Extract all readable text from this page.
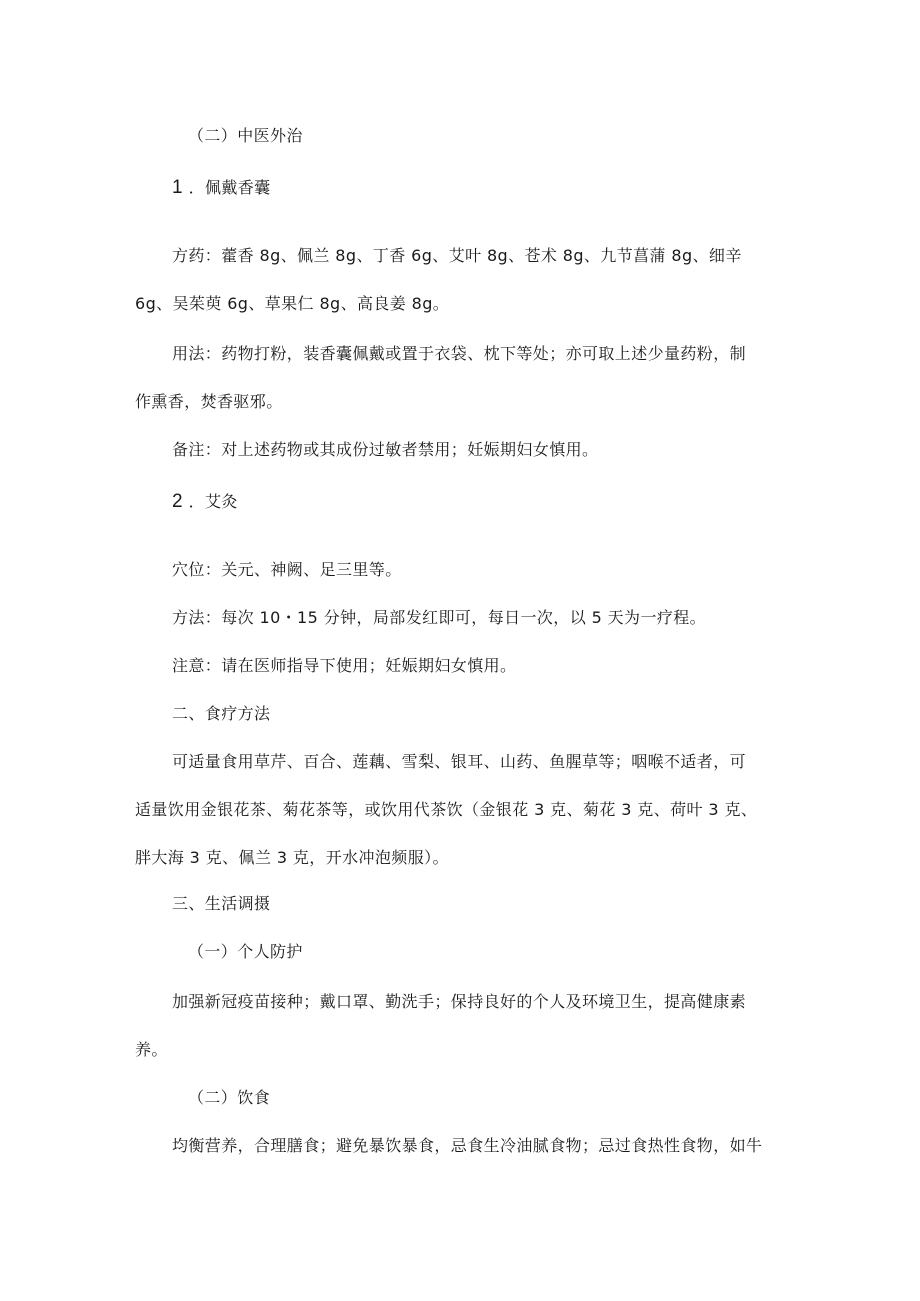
（二）中医外治
1 ．佩戴香囊
方药：藿香 8g、佩兰 8g、丁香 6g、艾叶 8g、苍术 8g、九节菖蒲 8g、细辛
6g、吴茱萸 6g、草果仁 8g、高良姜 8g。
用法：药物打粉，装香囊佩戴或置于衣袋、枕下等处；亦可取上述少量药粉，制
作熏香，焚香驱邪。
备注：对上述药物或其成份过敏者禁用；妊娠期妇女慎用。
2 ．艾灸
穴位：关元、神阙、足三里等。
方法：每次 10・15 分钟，局部发红即可，每日一次，以 5 天为一疗程。
注意：请在医师指导下使用；妊娠期妇女慎用。
二、食疗方法
可适量食用草芹、百合、莲藕、雪梨、银耳、山药、鱼腥草等；咽喉不适者，可
适量饮用金银花茶、菊花茶等，或饮用代茶饮（金银花 3 克、菊花 3 克、荷叶 3 克、
胖大海 3 克、佩兰 3 克，开水冲泡频服）。
三、生活调摄
（一）个人防护
加强新冠疫苗接种；戴口罩、勤洗手；保持良好的个人及环境卫生，提高健康素
养。
（二）饮食
均衡营养，合理膳食；避免暴饮暴食，忌食生冷油腻食物；忌过食热性食物，如牛
